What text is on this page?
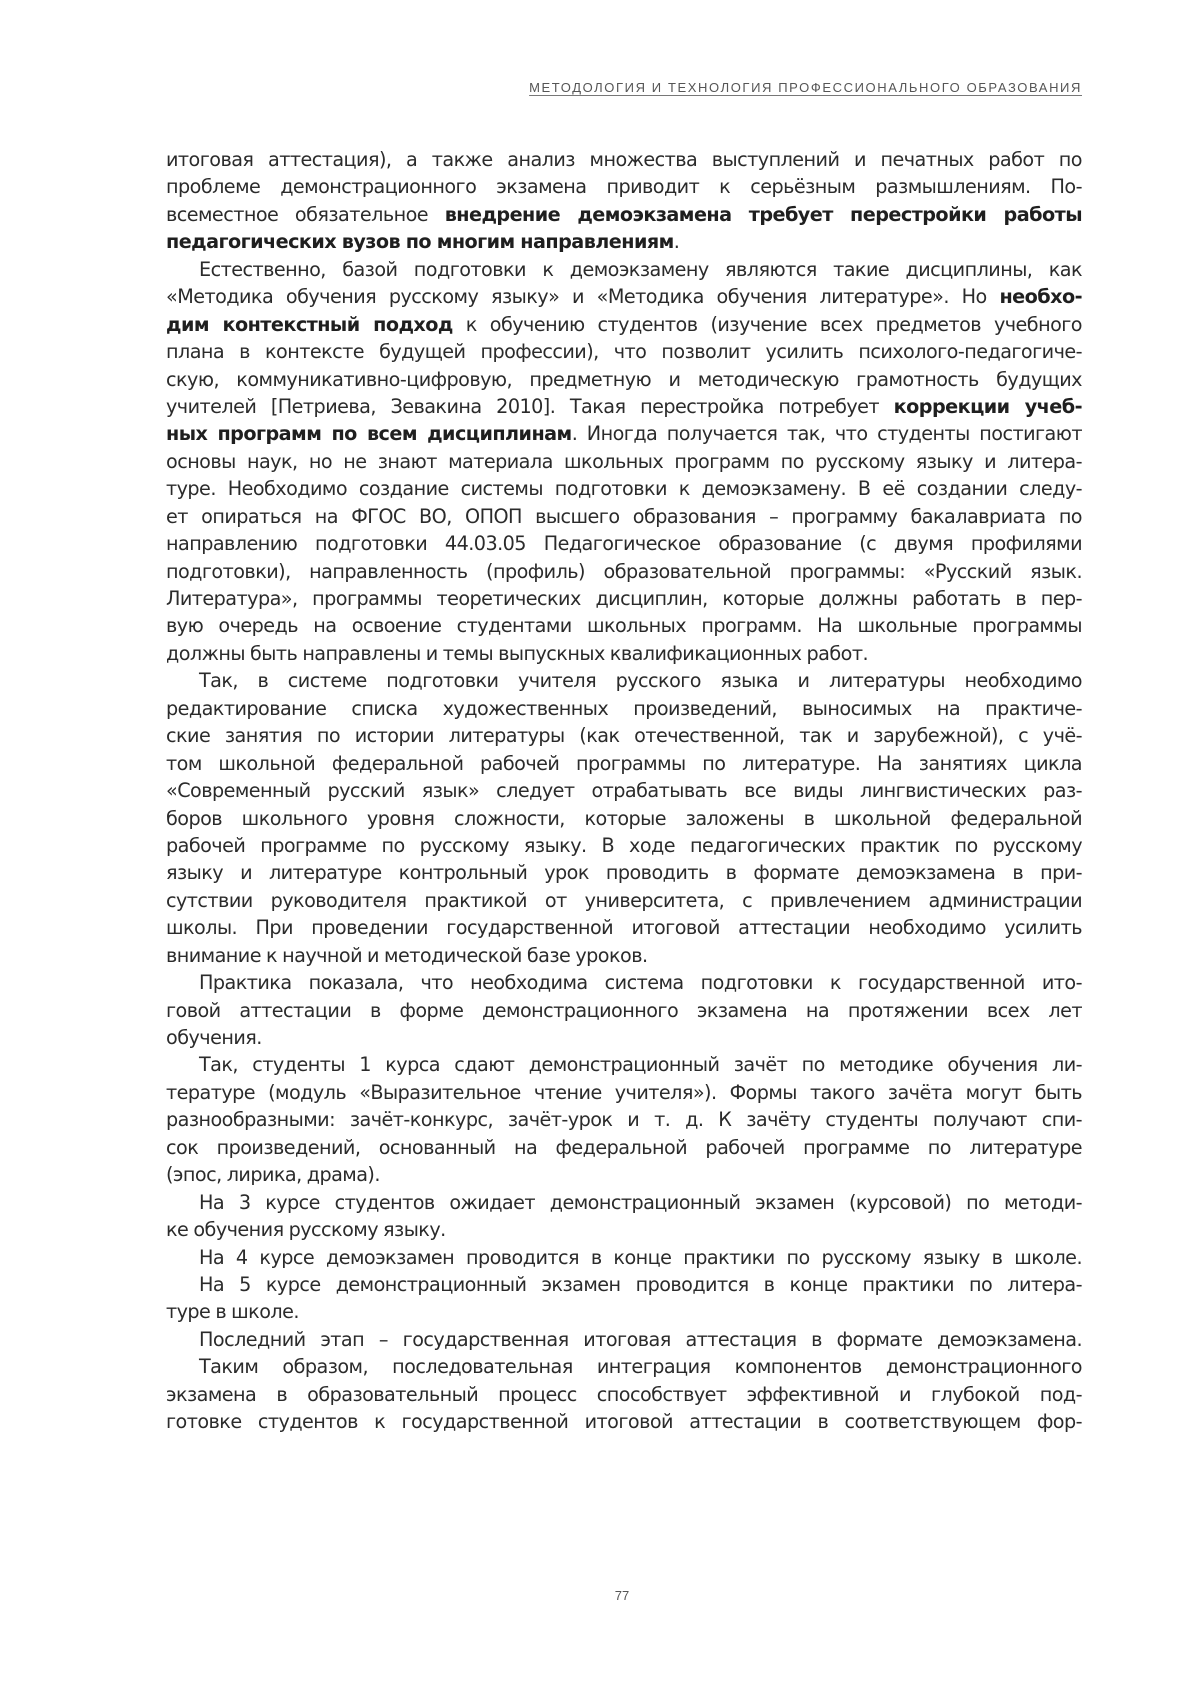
МЕТОДОЛОГИЯ И ТЕХНОЛОГИЯ ПРОФЕССИОНАЛЬНОГО ОБРАЗОВАНИЯ
итоговая аттестация), а также анализ множества выступлений и печатных работ по
проблеме демонстрационного экзамена приводит к серьёзным размышлениям. По-
всеместное обязательное внедрение демоэкзамена требует перестройки работы
педагогических вузов по многим направлениям.
Естественно, базой подготовки к демоэкзамену являются такие дисциплины, как
«Методика обучения русскому языку» и «Методика обучения литературе». Но необхо-
дим контекстный подход к обучению студентов (изучение всех предметов учебного
плана в контексте будущей профессии), что позволит усилить психолого-педагогиче-
скую, коммуникативно-цифровую, предметную и методическую грамотность будущих
учителей [Петриева, Зевакина 2010]. Такая перестройка потребует коррекции учеб-
ных программ по всем дисциплинам. Иногда получается так, что студенты постигают
основы наук, но не знают материала школьных программ по русскому языку и литера-
туре. Необходимо создание системы подготовки к демоэкзамену. В её создании следу-
ет опираться на ФГОС ВО, ОПОП высшего образования – программу бакалавриата по
направлению подготовки 44.03.05 Педагогическое образование (с двумя профилями
подготовки), направленность (профиль) образовательной программы: «Русский язык.
Литература», программы теоретических дисциплин, которые должны работать в пер-
вую очередь на освоение студентами школьных программ. На школьные программы
должны быть направлены и темы выпускных квалификационных работ.
Так, в системе подготовки учителя русского языка и литературы необходимо
редактирование списка художественных произведений, выносимых на практиче-
ские занятия по истории литературы (как отечественной, так и зарубежной), с учё-
том школьной федеральной рабочей программы по литературе. На занятиях цикла
«Современный русский язык» следует отрабатывать все виды лингвистических раз-
боров школьного уровня сложности, которые заложены в школьной федеральной
рабочей программе по русскому языку. В ходе педагогических практик по русскому
языку и литературе контрольный урок проводить в формате демоэкзамена в при-
сутствии руководителя практикой от университета, с привлечением администрации
школы. При проведении государственной итоговой аттестации необходимо усилить
внимание к научной и методической базе уроков.
Практика показала, что необходима система подготовки к государственной ито-
говой аттестации в форме демонстрационного экзамена на протяжении всех лет
обучения.
Так, студенты 1 курса сдают демонстрационный зачёт по методике обучения ли-
тературе (модуль «Выразительное чтение учителя»). Формы такого зачёта могут быть
разнообразными: зачёт-конкурс, зачёт-урок и т. д. К зачёту студенты получают спи-
сок произведений, основанный на федеральной рабочей программе по литературе
(эпос, лирика, драма).
На 3 курсе студентов ожидает демонстрационный экзамен (курсовой) по методи-
ке обучения русскому языку.
На 4 курсе демоэкзамен проводится в конце практики по русскому языку в школе.
На 5 курсе демонстрационный экзамен проводится в конце практики по литера-
туре в школе.
Последний этап – государственная итоговая аттестация в формате демоэкзамена.
Таким образом, последовательная интеграция компонентов демонстрационного
экзамена в образовательный процесс способствует эффективной и глубокой под-
готовке студентов к государственной итоговой аттестации в соответствующем фор-
77
